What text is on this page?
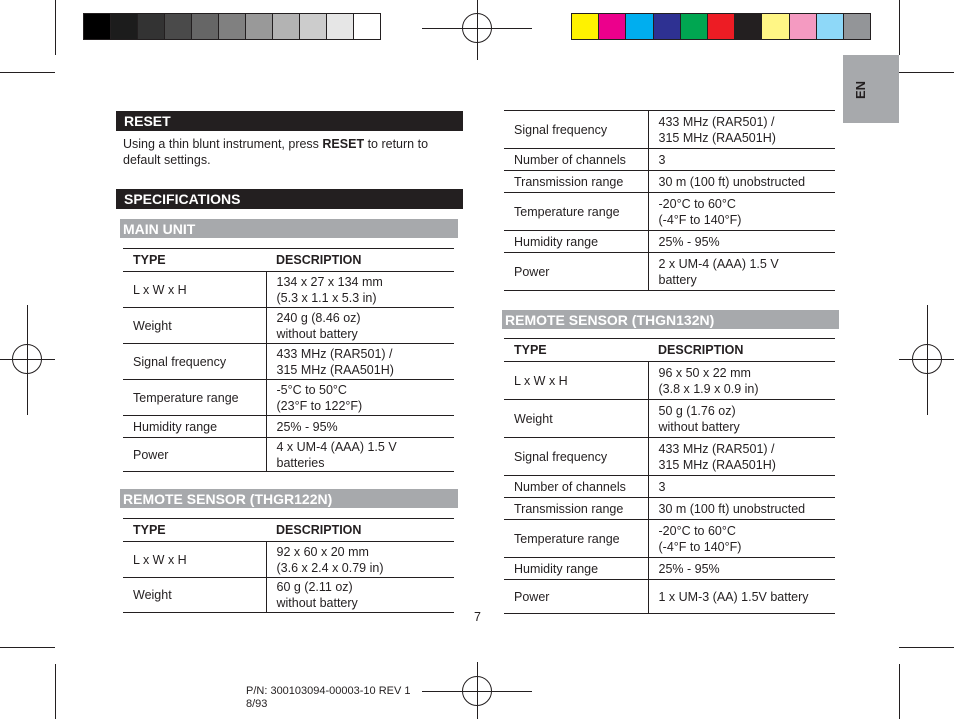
EN
RESET
Using a thin blunt instrument, press RESET to return to default settings.
SPECIFICATIONS
MAIN UNIT
TYPE	DESCRIPTION
L x W x H	134 x 27 x 134 mm
(5.3 x 1.1 x 5.3 in)

Weight	240 g (8.46 oz)
without battery

Signal frequency	433 MHz (RAR501) /
315 MHz (RAA501H)

Temperature range	-5°C to 50°C
(23°F to 122°F)

Humidity range	25% - 95%

Power	4 x UM-4 (AAA) 1.5 V
batteries
REMOTE SENSOR (THGR122N)
TYPE	DESCRIPTION
L x W x H	92 x 60 x 20 mm
(3.6 x 2.4 x 0.79 in)

Weight	60 g (2.11 oz)
without battery
7
Signal frequency	433 MHz (RAR501) /
315 MHz (RAA501H)

Number of channels	3

Transmission range	30 m (100 ft) unobstructed

Temperature range	-20°C to 60°C
(-4°F to 140°F)

Humidity range	25% - 95%

Power	2 x UM-4 (AAA) 1.5 V
battery
REMOTE SENSOR (THGN132N)
TYPE	DESCRIPTION
L x W x H	96 x 50 x 22 mm
(3.8 x 1.9 x 0.9 in)

Weight	50 g (1.76 oz)
without battery

Signal frequency	433 MHz (RAR501) /
315 MHz (RAA501H)

Number of channels	3

Transmission range	30 m (100 ft) unobstructed

Temperature range	-20°C to 60°C
(-4°F to 140°F)

Humidity range	25% - 95%

Power	1 x UM-3 (AA) 1.5V battery
P/N: 300103094-00003-10 REV 1
8/93
